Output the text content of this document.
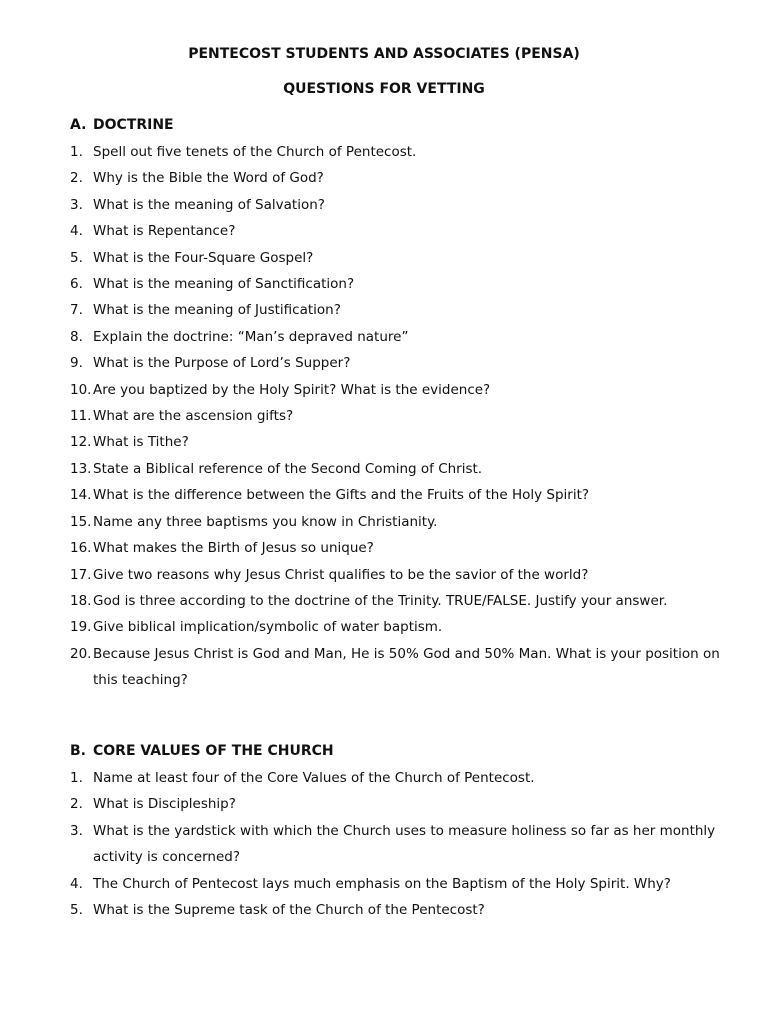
PENTECOST STUDENTS AND ASSOCIATES (PENSA)
QUESTIONS FOR VETTING
A. DOCTRINE
1. Spell out five tenets of the Church of Pentecost.
2. Why is the Bible the Word of God?
3. What is the meaning of Salvation?
4. What is Repentance?
5. What is the Four-Square Gospel?
6. What is the meaning of Sanctification?
7. What is the meaning of Justification?
8. Explain the doctrine: “Man’s depraved nature”
9. What is the Purpose of Lord’s Supper?
10. Are you baptized by the Holy Spirit? What is the evidence?
11. What are the ascension gifts?
12. What is Tithe?
13. State a Biblical reference of the Second Coming of Christ.
14. What is the difference between the Gifts and the Fruits of the Holy Spirit?
15. Name any three baptisms you know in Christianity.
16. What makes the Birth of Jesus so unique?
17. Give two reasons why Jesus Christ qualifies to be the savior of the world?
18. God is three according to the doctrine of the Trinity. TRUE/FALSE. Justify your answer.
19. Give biblical implication/symbolic of water baptism.
20. Because Jesus Christ is God and Man, He is 50% God and 50% Man. What is your position on this teaching?
B. CORE VALUES OF THE CHURCH
1. Name at least four of the Core Values of the Church of Pentecost.
2. What is Discipleship?
3. What is the yardstick with which the Church uses to measure holiness so far as her monthly activity is concerned?
4. The Church of Pentecost lays much emphasis on the Baptism of the Holy Spirit. Why?
5. What is the Supreme task of the Church of the Pentecost?
